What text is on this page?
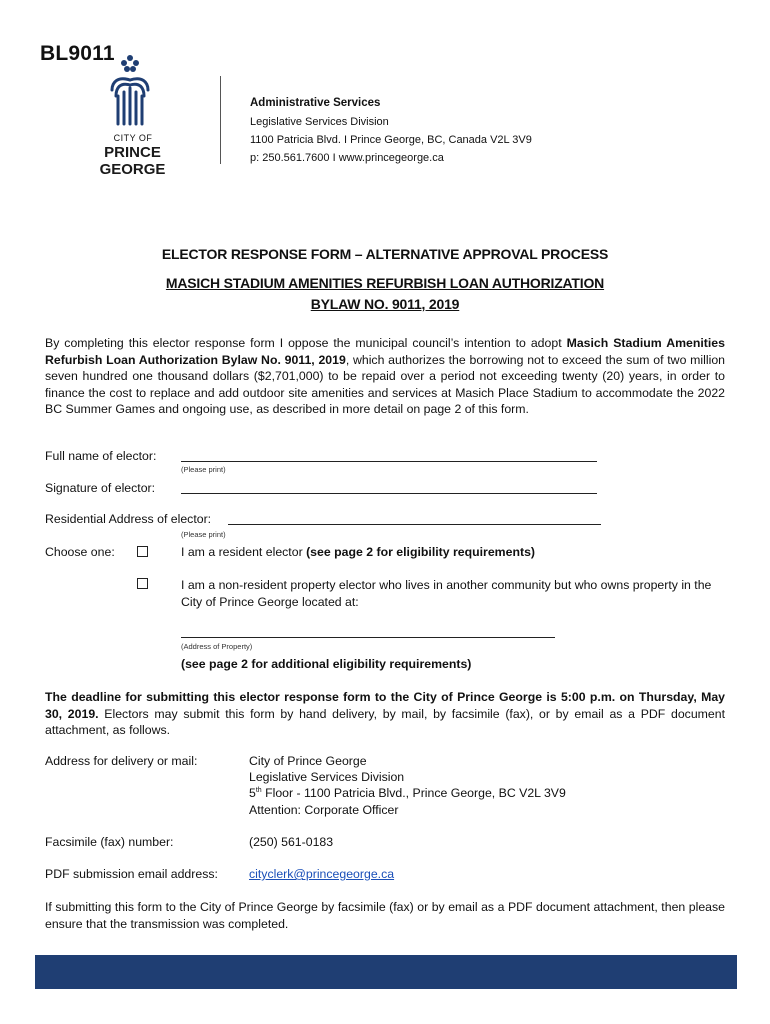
BL9011
CITY OF
PRINCE GEORGE
Administrative Services
Legislative Services Division
1100 Patricia Blvd. I Prince George, BC, Canada V2L 3V9
p: 250.561.7600 I www.princegeorge.ca
ELECTOR RESPONSE FORM – ALTERNATIVE APPROVAL PROCESS
MASICH STADIUM AMENITIES REFURBISH LOAN AUTHORIZATION
BYLAW NO. 9011, 2019
By completing this elector response form I oppose the municipal council’s intention to adopt Masich Stadium Amenities Refurbish Loan Authorization Bylaw No. 9011, 2019, which authorizes the borrowing not to exceed the sum of two million seven hundred one thousand dollars ($2,701,000) to be repaid over a period not exceeding twenty (20) years, in order to finance the cost to replace and add outdoor site amenities and services at Masich Place Stadium to accommodate the 2022 BC Summer Games and ongoing use, as described in more detail on page 2 of this form.
Full name of elector:
(Please print)
Signature of elector:
Residential Address of elector:
(Please print)
Choose one:	I am a resident elector (see page 2 for eligibility requirements)
I am a non-resident property elector who lives in another community but who owns property in the City of Prince George located at:
(Address of Property)
(see page 2 for additional eligibility requirements)
The deadline for submitting this elector response form to the City of Prince George is 5:00 p.m. on Thursday, May 30, 2019. Electors may submit this form by hand delivery, by mail, by facsimile (fax), or by email as a PDF document attachment, as follows.
Address for delivery or mail:	City of Prince George
Legislative Services Division
5th Floor - 1100 Patricia Blvd., Prince George, BC V2L 3V9
Attention: Corporate Officer
Facsimile (fax) number:	(250) 561-0183
PDF submission email address:	cityclerk@princegeorge.ca
If submitting this form to the City of Prince George by facsimile (fax) or by email as a PDF document attachment, then please ensure that the transmission was completed.
